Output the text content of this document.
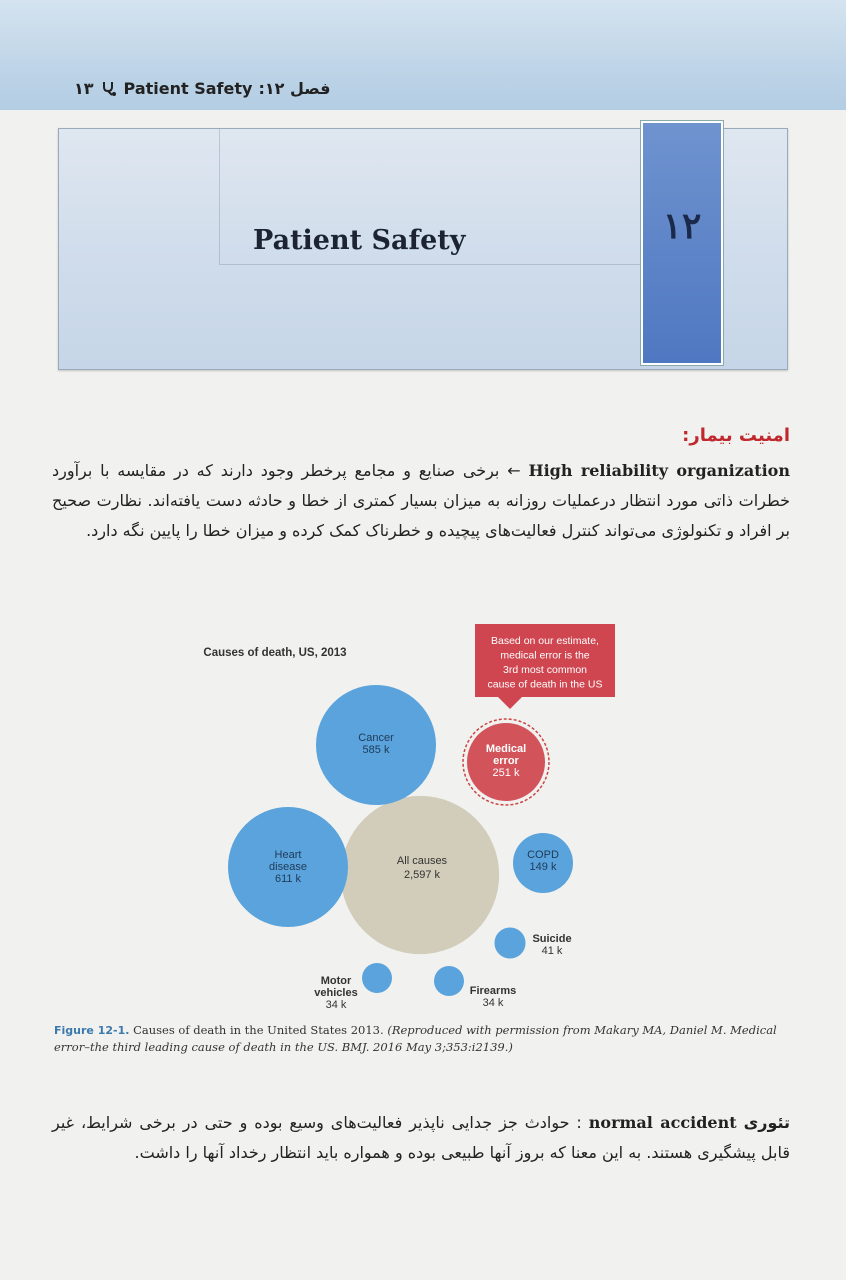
۱۳ Patient Safety فصل ۱۲:
Patient Safety	۱۲
امنیت بیمار:
High reliability organization ← برخی صنایع و مجامع پرخطر وجود دارند که در مقایسه با برآورد خطرات ذاتی مورد انتظار درعملیات روزانه به میزان بسیار کمتری از خطا و حادثه دست یافته‌اند. نظارت صحیح بر افراد و تکنولوژی می‌تواند کنترل فعالیت‌های پیچیده و خطرناک کمک کرده و میزان خطا را پایین نگه دارد.
Causes of death, US, 2013
All causes
2,597 k
Heart
disease
611 k
Cancer
585 k	Medical
error
251 k
COPD
149 k
Suicide
41 k
Firearms
34 k
Motor
vehicles
34 k
Based on our estimate,
medical error is the
3rd most common
cause of death in the US
Figure 12-1. Causes of death in the United States 2013. (Reproduced with permission from Makary MA, Daniel M. Medical error–the third leading cause of death in the US. BMJ. 2016 May 3;353:i2139.)
تئوری normal accident : حوادث جز جدایی ناپذیر فعالیت‌های وسیع بوده و حتی در برخی شرایط، غیر قابل پیشگیری هستند. به این معنا که بروز آنها طبیعی بوده و همواره باید انتظار رخداد آنها را داشت.
